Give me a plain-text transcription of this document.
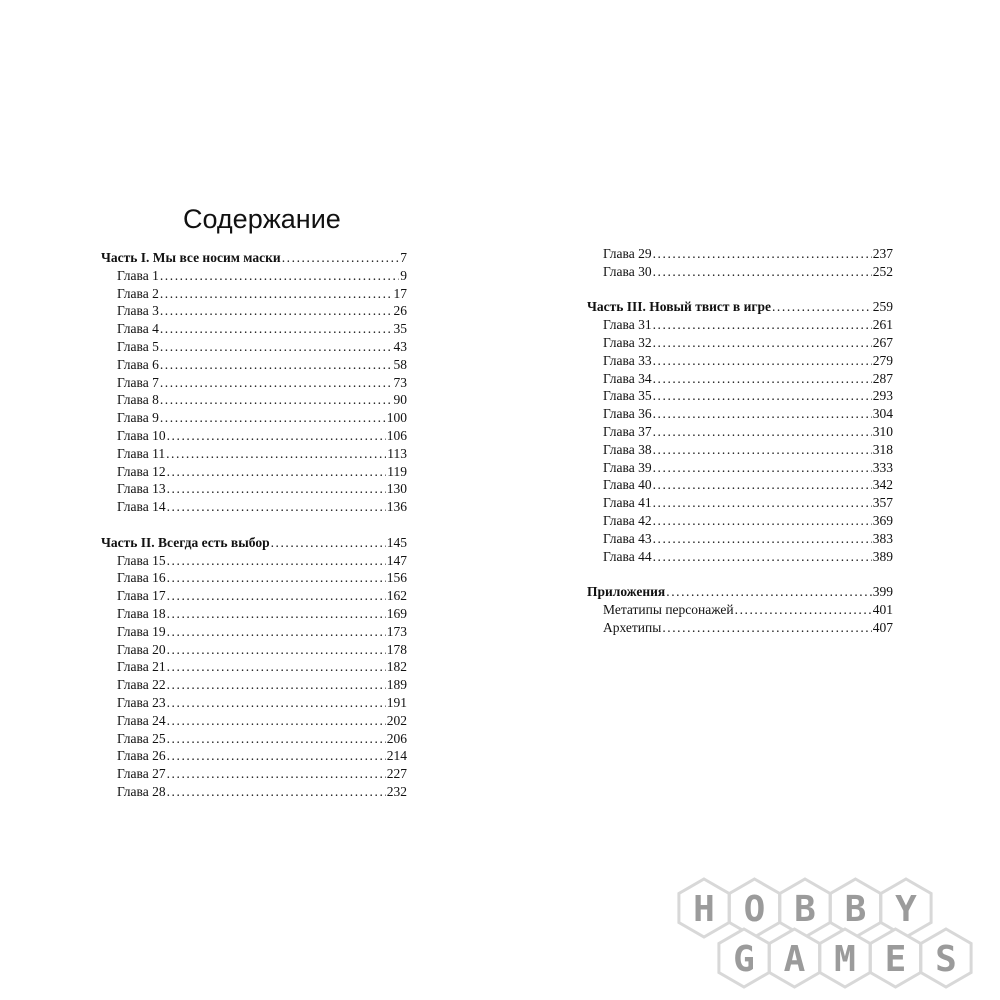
Содержание
Часть I. Мы все носим маски . . .	7
Глава 1 . . .	9
Глава 2 . . .	17
Глава 3 . . .	26
Глава 4 . . .	35
Глава 5 . . .	43
Глава 6 . . .	58
Глава 7 . . .	73
Глава 8 . . .	90
Глава 9 . . .	100
Глава 10 . . .	106
Глава 11 . . .	113
Глава 12 . . .	119
Глава 13 . . .	130
Глава 14 . . .	136
Часть II. Всегда есть выбор . . .	145
Глава 15 . . .	147
Глава 16 . . .	156
Глава 17 . . .	162
Глава 18 . . .	169
Глава 19 . . .	173
Глава 20 . . .	178
Глава 21 . . .	182
Глава 22 . . .	189
Глава 23 . . .	191
Глава 24 . . .	202
Глава 25 . . .	206
Глава 26 . . .	214
Глава 27 . . .	227
Глава 28 . . .	232
Глава 29 . . .	237
Глава 30 . . .	252
Часть III. Новый твист в игре . . .	259
Глава 31 . . .	261
Глава 32 . . .	267
Глава 33 . . .	279
Глава 34 . . .	287
Глава 35 . . .	293
Глава 36 . . .	304
Глава 37 . . .	310
Глава 38 . . .	318
Глава 39 . . .	333
Глава 40 . . .	342
Глава 41 . . .	357
Глава 42 . . .	369
Глава 43 . . .	383
Глава 44 . . .	389
Приложения . . .	399
Метатипы персонажей . . .	401
Архетипы . . .	407
H O B B Y
G A M E S
